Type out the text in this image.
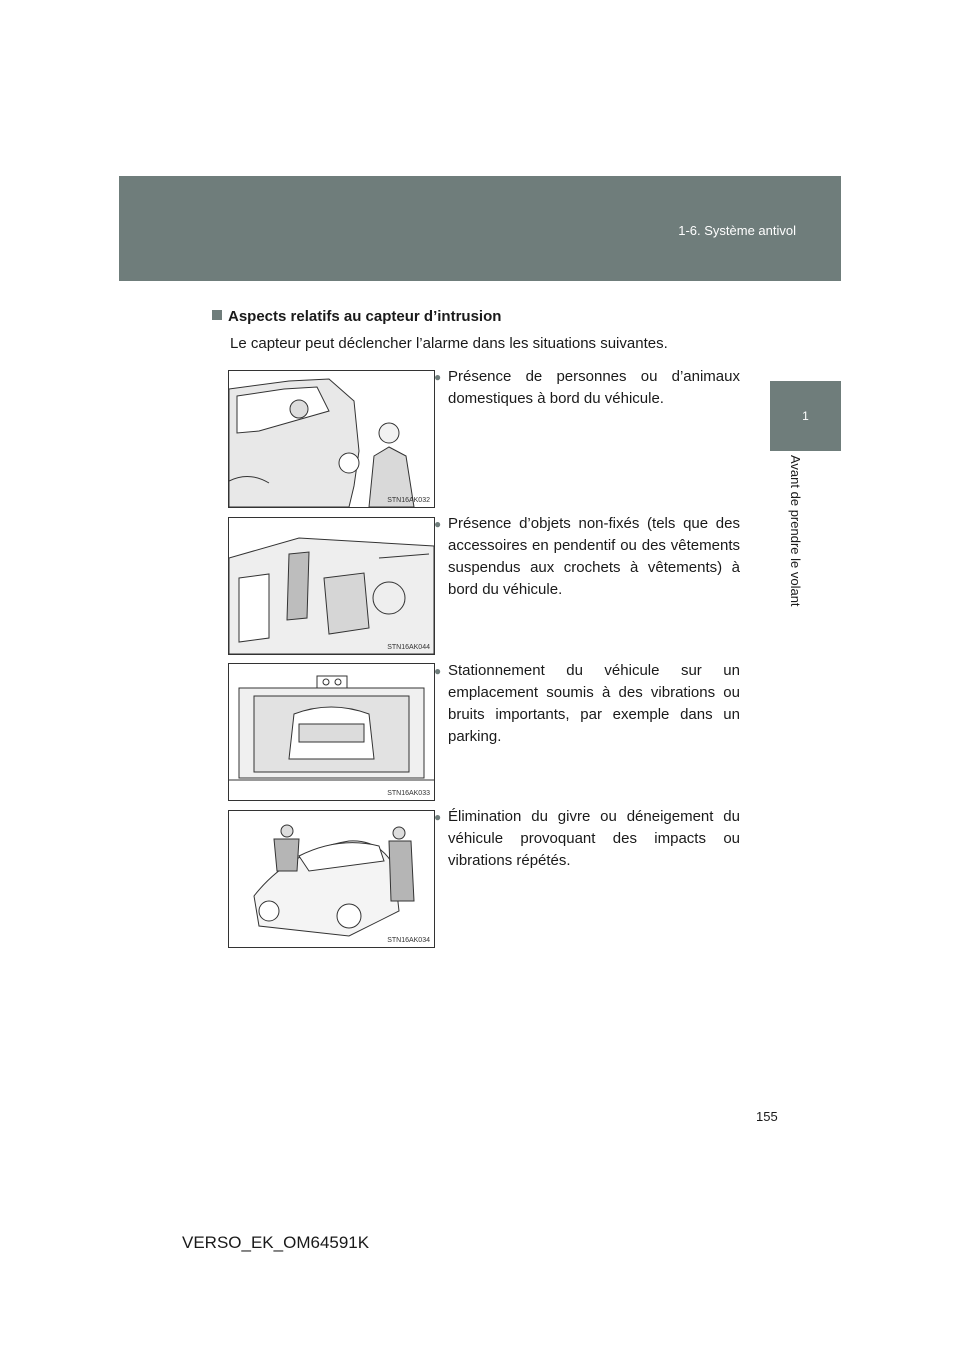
1-6. Système antivol
1
Avant de prendre le volant
Aspects relatifs au capteur d’intrusion
Le capteur peut déclencher l’alarme dans les situations suivantes.
STN16AK032
STN16AK044
STN16AK033
STN16AK034
● Présence de personnes ou d’animaux domestiques à bord du véhicule.
● Présence d’objets non-fixés (tels que des accessoires en pendentif ou des vêtements suspendus aux crochets à vêtements) à bord du véhicule.
● Stationnement du véhicule sur un emplacement soumis à des vibrations ou bruits importants, par exemple dans un parking.
● Élimination du givre ou déneigement du véhicule provoquant des impacts ou vibrations répétés.
155
VERSO_EK_OM64591K
